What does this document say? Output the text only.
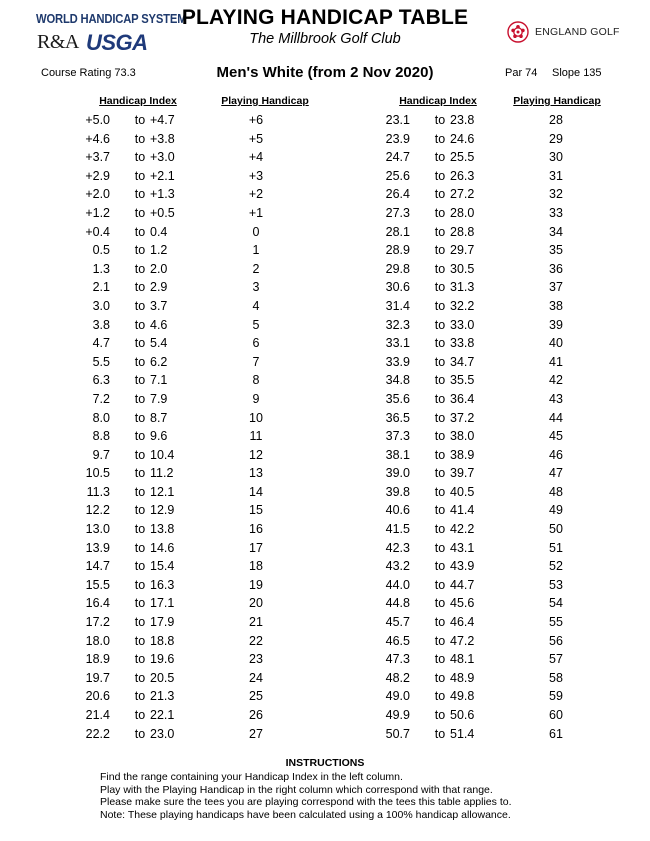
WORLD HANDICAP SYSTEM
R&A USGA	ENGLAND GOLF
PLAYING HANDICAP TABLE
The Millbrook Golf Club
Course Rating 73.3	Men's White (from 2 Nov 2020)	Par 74 Slope 135
Handicap Index	Playing Handicap	Handicap Index	Playing Handicap
+5.0	to +4.7	+6	23.1	to 23.8	28
+4.6	to +3.8	+5	23.9	to 24.6	29
+3.7	to +3.0	+4	24.7	to 25.5	30
+2.9	to +2.1	+3	25.6	to 26.3	31
+2.0	to +1.3	+2	26.4	to 27.2	32
+1.2	to +0.5	+1	27.3	to 28.0	33
+0.4	to 0.4	0	28.1	to 28.8	34
0.5	to 1.2	1	28.9	to 29.7	35
1.3	to 2.0	2	29.8	to 30.5	36
2.1	to 2.9	3	30.6	to 31.3	37
3.0	to 3.7	4	31.4	to 32.2	38
3.8	to 4.6	5	32.3	to 33.0	39
4.7	to 5.4	6	33.1	to 33.8	40
5.5	to 6.2	7	33.9	to 34.7	41
6.3	to 7.1	8	34.8	to 35.5	42
7.2	to 7.9	9	35.6	to 36.4	43
8.0	to 8.7	10	36.5	to 37.2	44
8.8	to 9.6	11	37.3	to 38.0	45
9.7	to 10.4	12	38.1	to 38.9	46
10.5	to 11.2	13	39.0	to 39.7	47
11.3	to 12.1	14	39.8	to 40.5	48
12.2	to 12.9	15	40.6	to 41.4	49
13.0	to 13.8	16	41.5	to 42.2	50
13.9	to 14.6	17	42.3	to 43.1	51
14.7	to 15.4	18	43.2	to 43.9	52
15.5	to 16.3	19	44.0	to 44.7	53
16.4	to 17.1	20	44.8	to 45.6	54
17.2	to 17.9	21	45.7	to 46.4	55
18.0	to 18.8	22	46.5	to 47.2	56
18.9	to 19.6	23	47.3	to 48.1	57
19.7	to 20.5	24	48.2	to 48.9	58
20.6	to 21.3	25	49.0	to 49.8	59
21.4	to 22.1	26	49.9	to 50.6	60
22.2	to 23.0	27	50.7	to 51.4	61
INSTRUCTIONS
Find the range containing your Handicap Index in the left column.
Play with the Playing Handicap in the right column which correspond with that range.
Please make sure the tees you are playing correspond with the tees this table applies to.
Note: These playing handicaps have been calculated using a 100% handicap allowance.
